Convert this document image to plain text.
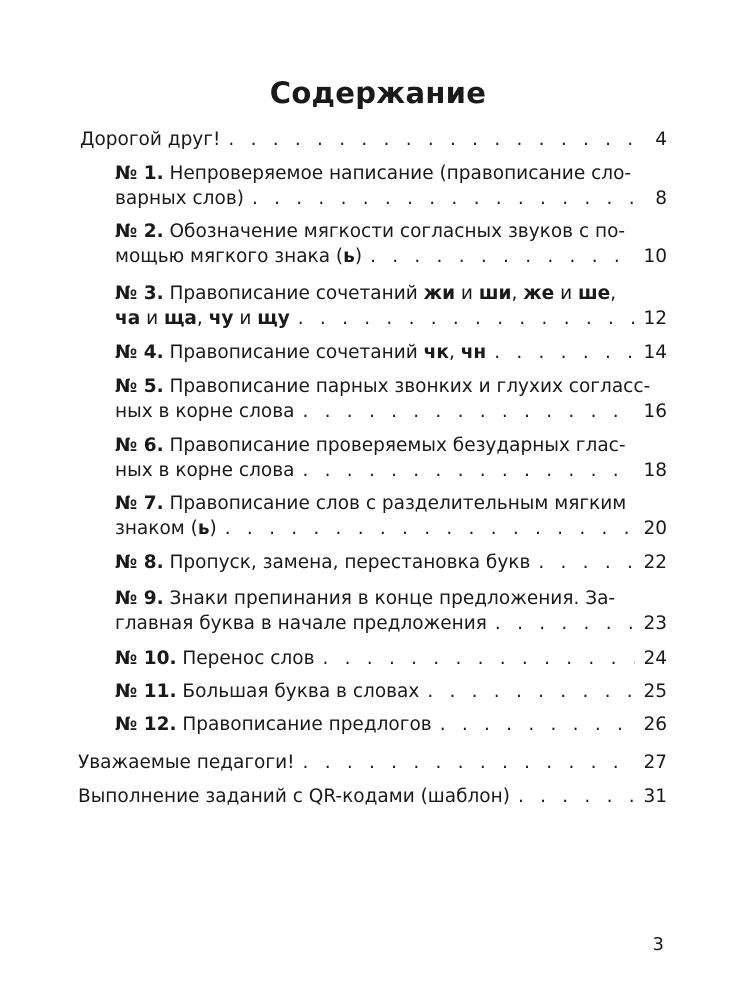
Содержание
Дорогой друг! . . .	4
№ 1. Непроверяемое написание (правописание сло-
варных слов) . . .	8
№ 2. Обозначение мягкости согласных звуков с по-
мощью мягкого знака (ь) . . .	10
№ 3. Правописание сочетаний жи и ши, же и ше,
ча и ща, чу и щу . . .	12
№ 4. Правописание сочетаний чк, чн . . .	14
№ 5. Правописание парных звонких и глухих согласс-
ных в корне слова . . .	16
№ 6. Правописание проверяемых безударных глас-
ных в корне слова . . .	18
№ 7. Правописание слов с разделительным мягким
знаком (ь) . . .	20
№ 8. Пропуск, замена, перестановка букв . . .	22
№ 9. Знаки препинания в конце предложения. За-
главная буква в начале предложения . . .	23
№ 10. Перенос слов . . .	24
№ 11. Большая буква в словах . . .	25
№ 12. Правописание предлогов . . .	26
Уважаемые педагоги! . . .	27
Выполнение заданий с QR-кодами (шаблон) . . .	31
3
